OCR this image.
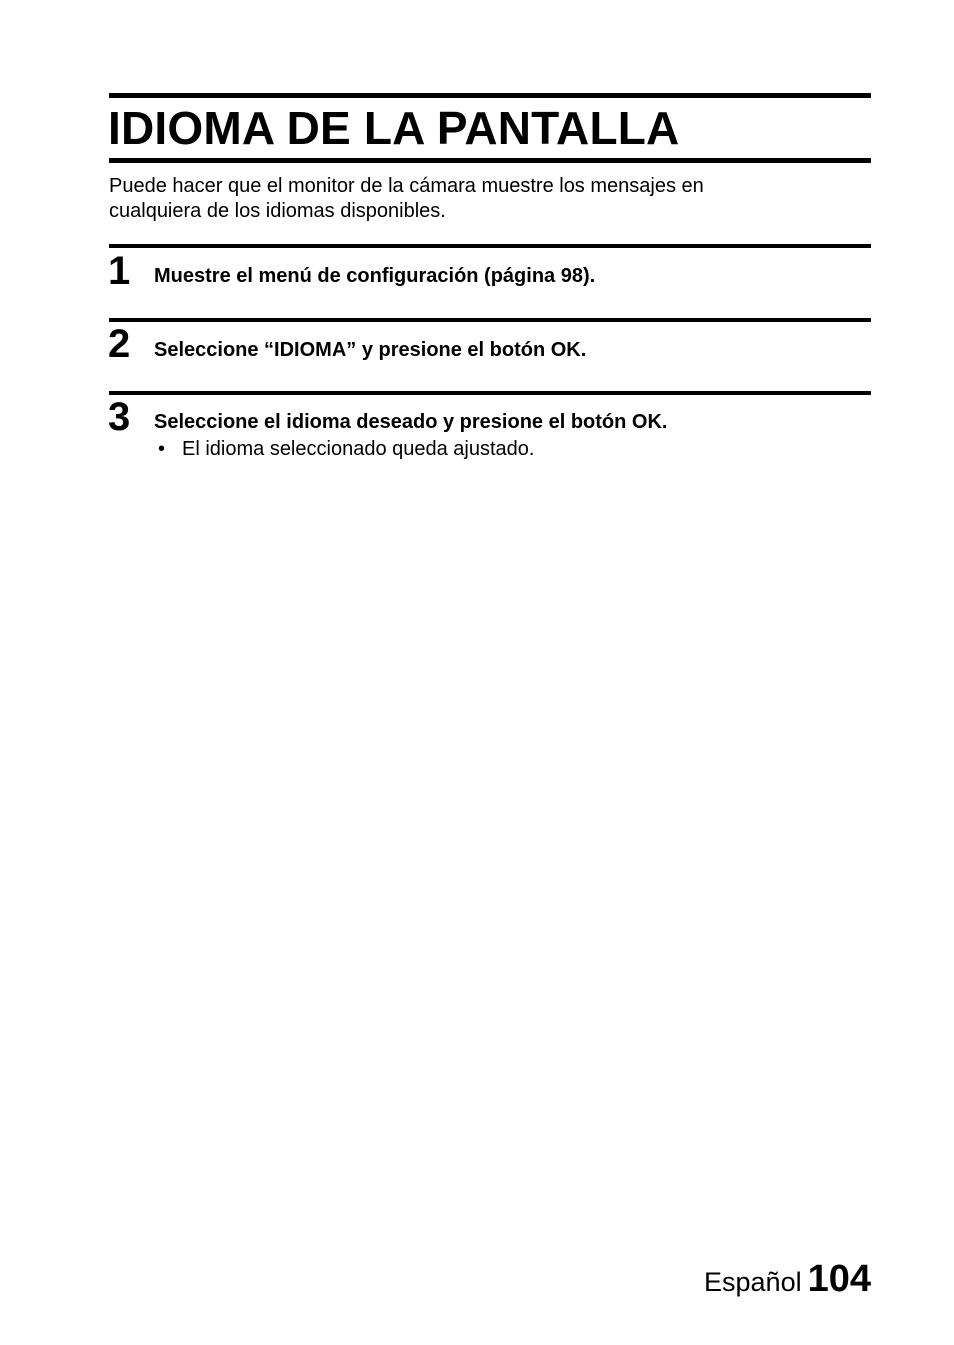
IDIOMA DE LA PANTALLA

Puede hacer que el monitor de la cámara muestre los mensajes en
cualquiera de los idiomas disponibles.

1 Muestre el menú de configuración (página 98).
2 Seleccione “IDIOMA” y presione el botón OK.
3 Seleccione el idioma deseado y presione el botón OK.
• El idioma seleccionado queda ajustado.
Español 104
